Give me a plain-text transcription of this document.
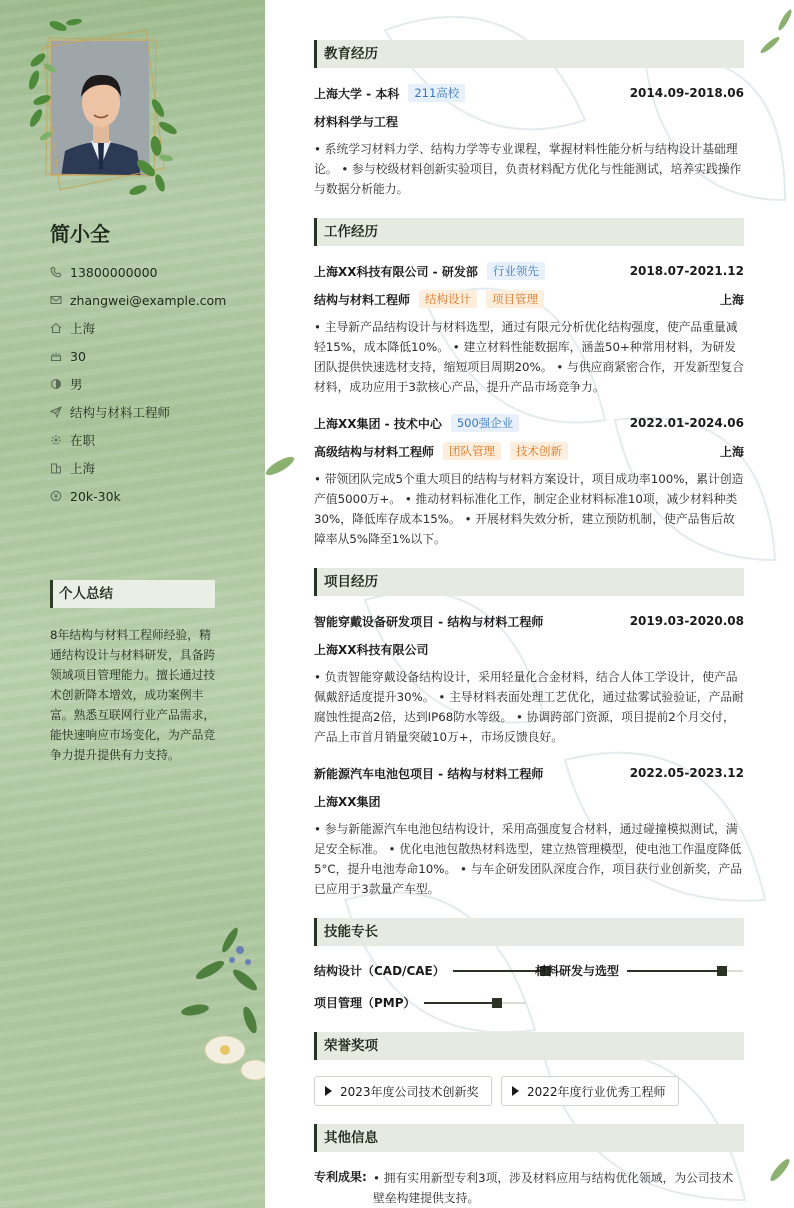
简小全
13800000000
zhangwei@example.com
上海
30
男
结构与材料工程师
在职
上海
20k-30k
个人总结

8年结构与材料工程师经验，精通结构设计与材料研发，具备跨领域项目管理能力。擅长通过技术创新降本增效，成功案例丰富。熟悉互联网行业产品需求，能快速响应市场变化，为产品竞争力提升提供有力支持。

教育经历
上海大学 - 本科	211高校	2014.09-2018.06
材料科学与工程

• 系统学习材料力学、结构力学等专业课程，掌握材料性能分析与结构设计基础理论。 • 参与校级材料创新实验项目，负责材料配方优化与性能测试，培养实践操作与数据分析能力。

工作经历
上海XX科技有限公司 - 研发部	行业领先	2018.07-2021.12
结构与材料工程师	结构设计	项目管理	上海

• 主导新产品结构设计与材料选型，通过有限元分析优化结构强度，使产品重量减轻15%，成本降低10%。 • 建立材料性能数据库，涵盖50+种常用材料，为研发团队提供快速选材支持，缩短项目周期20%。 • 与供应商紧密合作，开发新型复合材料，成功应用于3款核心产品，提升产品市场竞争力。

上海XX集团 - 技术中心	500强企业	2022.01-2024.06
高级结构与材料工程师	团队管理	技术创新	上海

• 带领团队完成5个重大项目的结构与材料方案设计，项目成功率100%，累计创造产值5000万+。 • 推动材料标准化工作，制定企业材料标准10项，减少材料种类30%，降低库存成本15%。 • 开展材料失效分析，建立预防机制，使产品售后故障率从5%降至1%以下。

项目经历
智能穿戴设备研发项目 - 结构与材料工程师	2019.03-2020.08
上海XX科技有限公司

• 负责智能穿戴设备结构设计，采用轻量化合金材料，结合人体工学设计，使产品佩戴舒适度提升30%。 • 主导材料表面处理工艺优化，通过盐雾试验验证，产品耐腐蚀性提高2倍，达到IP68防水等级。 • 协调跨部门资源，项目提前2个月交付，产品上市首月销量突破10万+，市场反馈良好。

新能源汽车电池包项目 - 结构与材料工程师	2022.05-2023.12
上海XX集团

• 参与新能源汽车电池包结构设计，采用高强度复合材料，通过碰撞模拟测试，满足安全标准。 • 优化电池包散热材料选型，建立热管理模型，使电池工作温度降低5°C，提升电池寿命10%。 • 与车企研发团队深度合作，项目获行业创新奖，产品已应用于3款量产车型。

技能专长
结构设计（CAD/CAE）	材料研发与选型
项目管理（PMP）
荣誉奖项
2023年度公司技术创新奖	2022年度行业优秀工程师
其他信息
专利成果: • 拥有实用新型专利3项，涉及材料应用与结构优化领域，为公司技术壁垒构建提供支持。
